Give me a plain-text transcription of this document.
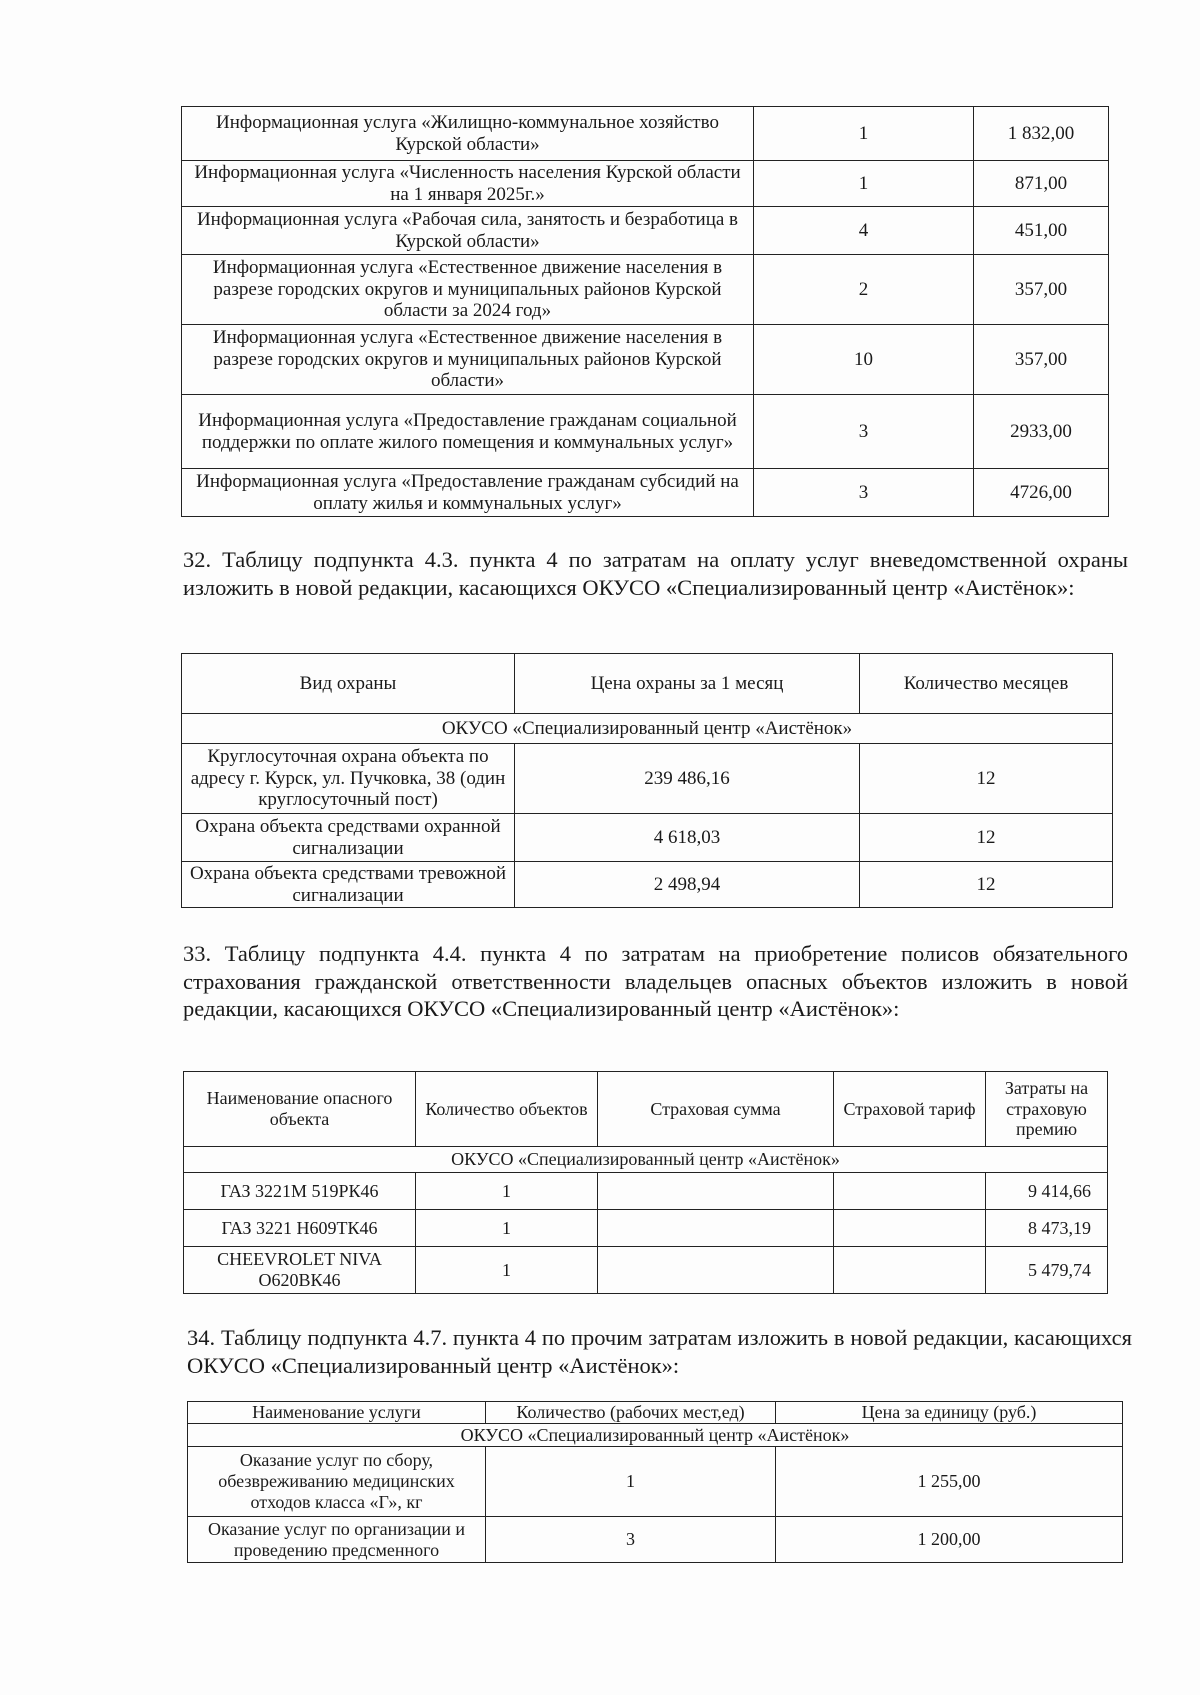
Информационная услуга «Жилищно-коммунальное хозяйство Курской области»	1	1 832,00
Информационная услуга «Численность населения Курской области на 1 января 2025г.»	1	871,00
Информационная услуга «Рабочая сила, занятость и безработица в Курской области»	4	451,00
Информационная услуга «Естественное движение населения в разрезе городских округов и муниципальных районов Курской области за 2024 год»	2	357,00
Информационная услуга «Естественное движение населения в разрезе городских округов и муниципальных районов Курской области»	10	357,00
Информационная услуга «Предоставление гражданам социальной поддержки по оплате жилого помещения и коммунальных услуг»	3	2933,00
Информационная услуга «Предоставление гражданам субсидий на оплату жилья и коммунальных услуг»	3	4726,00

32. Таблицу подпункта 4.3. пункта 4 по затратам на оплату услуг вневедомственной охраны изложить в новой редакции, касающихся ОКУСО «Специализированный центр «Аистёнок»:

Вид охраны	Цена охраны за 1 месяц	Количество месяцев
ОКУСО «Специализированный центр «Аистёнок»		
Круглосуточная охрана объекта по адресу г. Курск, ул. Пучковка, 38 (один круглосуточный пост)	239 486,16	12
Охрана объекта средствами охранной сигнализации	4 618,03	12
Охрана объекта средствами тревожной сигнализации	2 498,94	12

33. Таблицу подпункта 4.4. пункта 4 по затратам на приобретение полисов обязательного страхования гражданской ответственности владельцев опасных объектов изложить в новой редакции, касающихся ОКУСО «Специализированный центр «Аистёнок»:

Наименование опасного объекта	Количество объектов	Страховая сумма	Страховой тариф	Затраты на страховую премию
ОКУСО «Специализированный центр «Аистёнок»				
ГАЗ 3221М 519РК46	1			9 414,66
ГАЗ 3221 Н609ТК46	1			8 473,19
CHEEVROLET NIVA О620ВК46	1			5 479,74

34. Таблицу подпункта 4.7. пункта 4 по прочим затратам изложить в новой редакции, касающихся ОКУСО «Специализированный центр «Аистёнок»:

Наименование услуги	Количество (рабочих мест,ед)	Цена за единицу (руб.)
ОКУСО «Специализированный центр «Аистёнок»		
Оказание услуг по сбору, обезвреживанию медицинских отходов класса «Г», кг	1	1 255,00
Оказание услуг по организации и проведению предсменного	3	1 200,00
